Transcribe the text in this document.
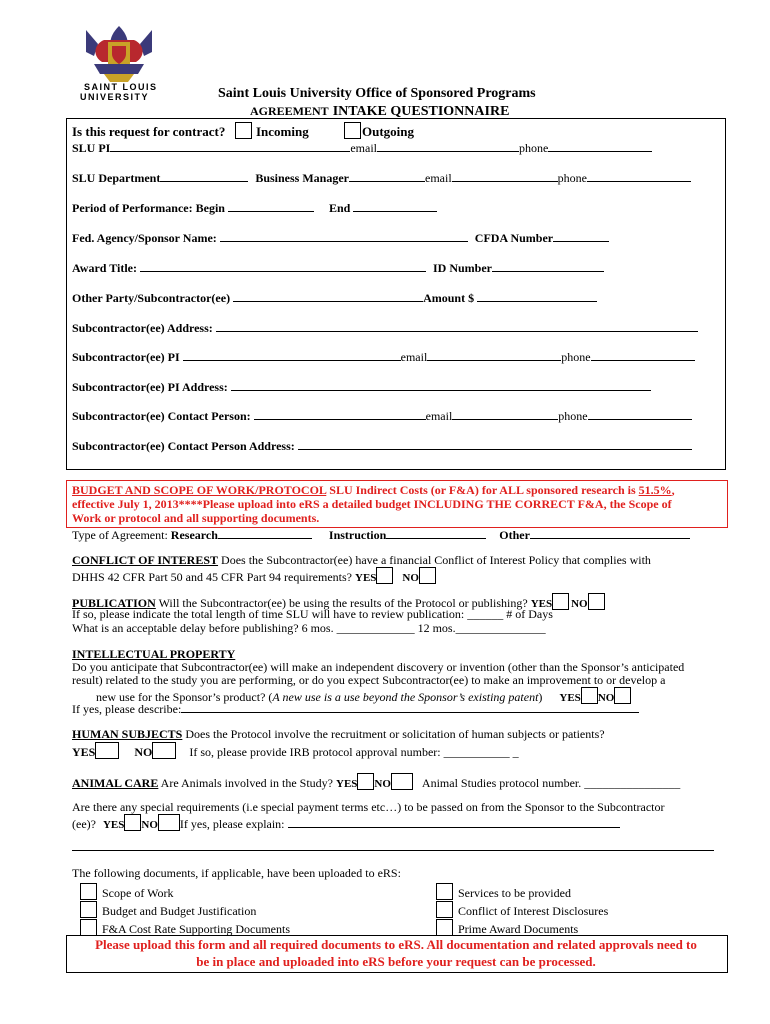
SAINT LOUIS
UNIVERSITY	Saint Louis University Office of Sponsored Programs
AGREEMENT INTAKE QUESTIONNAIRE
Is this request for contract? Incoming	Outgoing
SLU PI	email	phone
SLU Department	Business Manager	email	phone
Period of Performance: Begin	End
Fed. Agency/Sponsor Name:	CFDA Number
Award Title:	ID Number
Other Party/Subcontractor(ee)	Amount $
Subcontractor(ee) Address:
Subcontractor(ee) PI	email	phone
Subcontractor(ee) PI Address:
Subcontractor(ee) Contact Person:	email	phone
Subcontractor(ee) Contact Person Address:
BUDGET AND SCOPE OF WORK/PROTOCOL SLU Indirect Costs (or F&A) for ALL sponsored research is 51.5%,
effective July 1, 2013****Please upload into eRS a detailed budget INCLUDING THE CORRECT F&A, the Scope of
Work or protocol and all supporting documents.
Type of Agreement: Research	Instruction	Other
CONFLICT OF INTEREST Does the Subcontractor(ee) have a financial Conflict of Interest Policy that complies with
DHHS 42 CFR Part 50 and 45 CFR Part 94 requirements? YES NO
PUBLICATION Will the Subcontractor(ee) be using the results of the Protocol or publishing? YES NO
If so, please indicate the total length of time SLU will have to review publication: ______ # of Days
What is an acceptable delay before publishing? 6 mos. _____________ 12 mos._______________
INTELLECTUAL PROPERTY
Do you anticipate that Subcontractor(ee) will make an independent discovery or invention (other than the Sponsor’s anticipated
result) related to the study you are performing, or do you expect Subcontractor(ee) to make an improvement to or develop a
new use for the Sponsor’s product? (A new use is a use beyond the Sponsor’s existing patent) YES NO
If yes, please describe:
HUMAN SUBJECTS Does the Protocol involve the recruitment or solicitation of human subjects or patients?
YES	NO	If so, please provide IRB protocol approval number: ___________ _
ANIMAL CARE Are Animals involved in the Study? YES NO	Animal Studies protocol number. ________________
Are there any special requirements (i.e special payment terms etc…) to be passed on from the Sponsor to the Subcontractor
(ee)? YES NO If yes, please explain:
The following documents, if applicable, have been uploaded to eRS:
Scope of Work
Budget and Budget Justification
F&A Cost Rate Supporting Documents
Services to be provided
Conflict of Interest Disclosures
Prime Award Documents
Please upload this form and all required documents to eRS. All documentation and related approvals need to
be in place and uploaded into eRS before your request can be processed.
